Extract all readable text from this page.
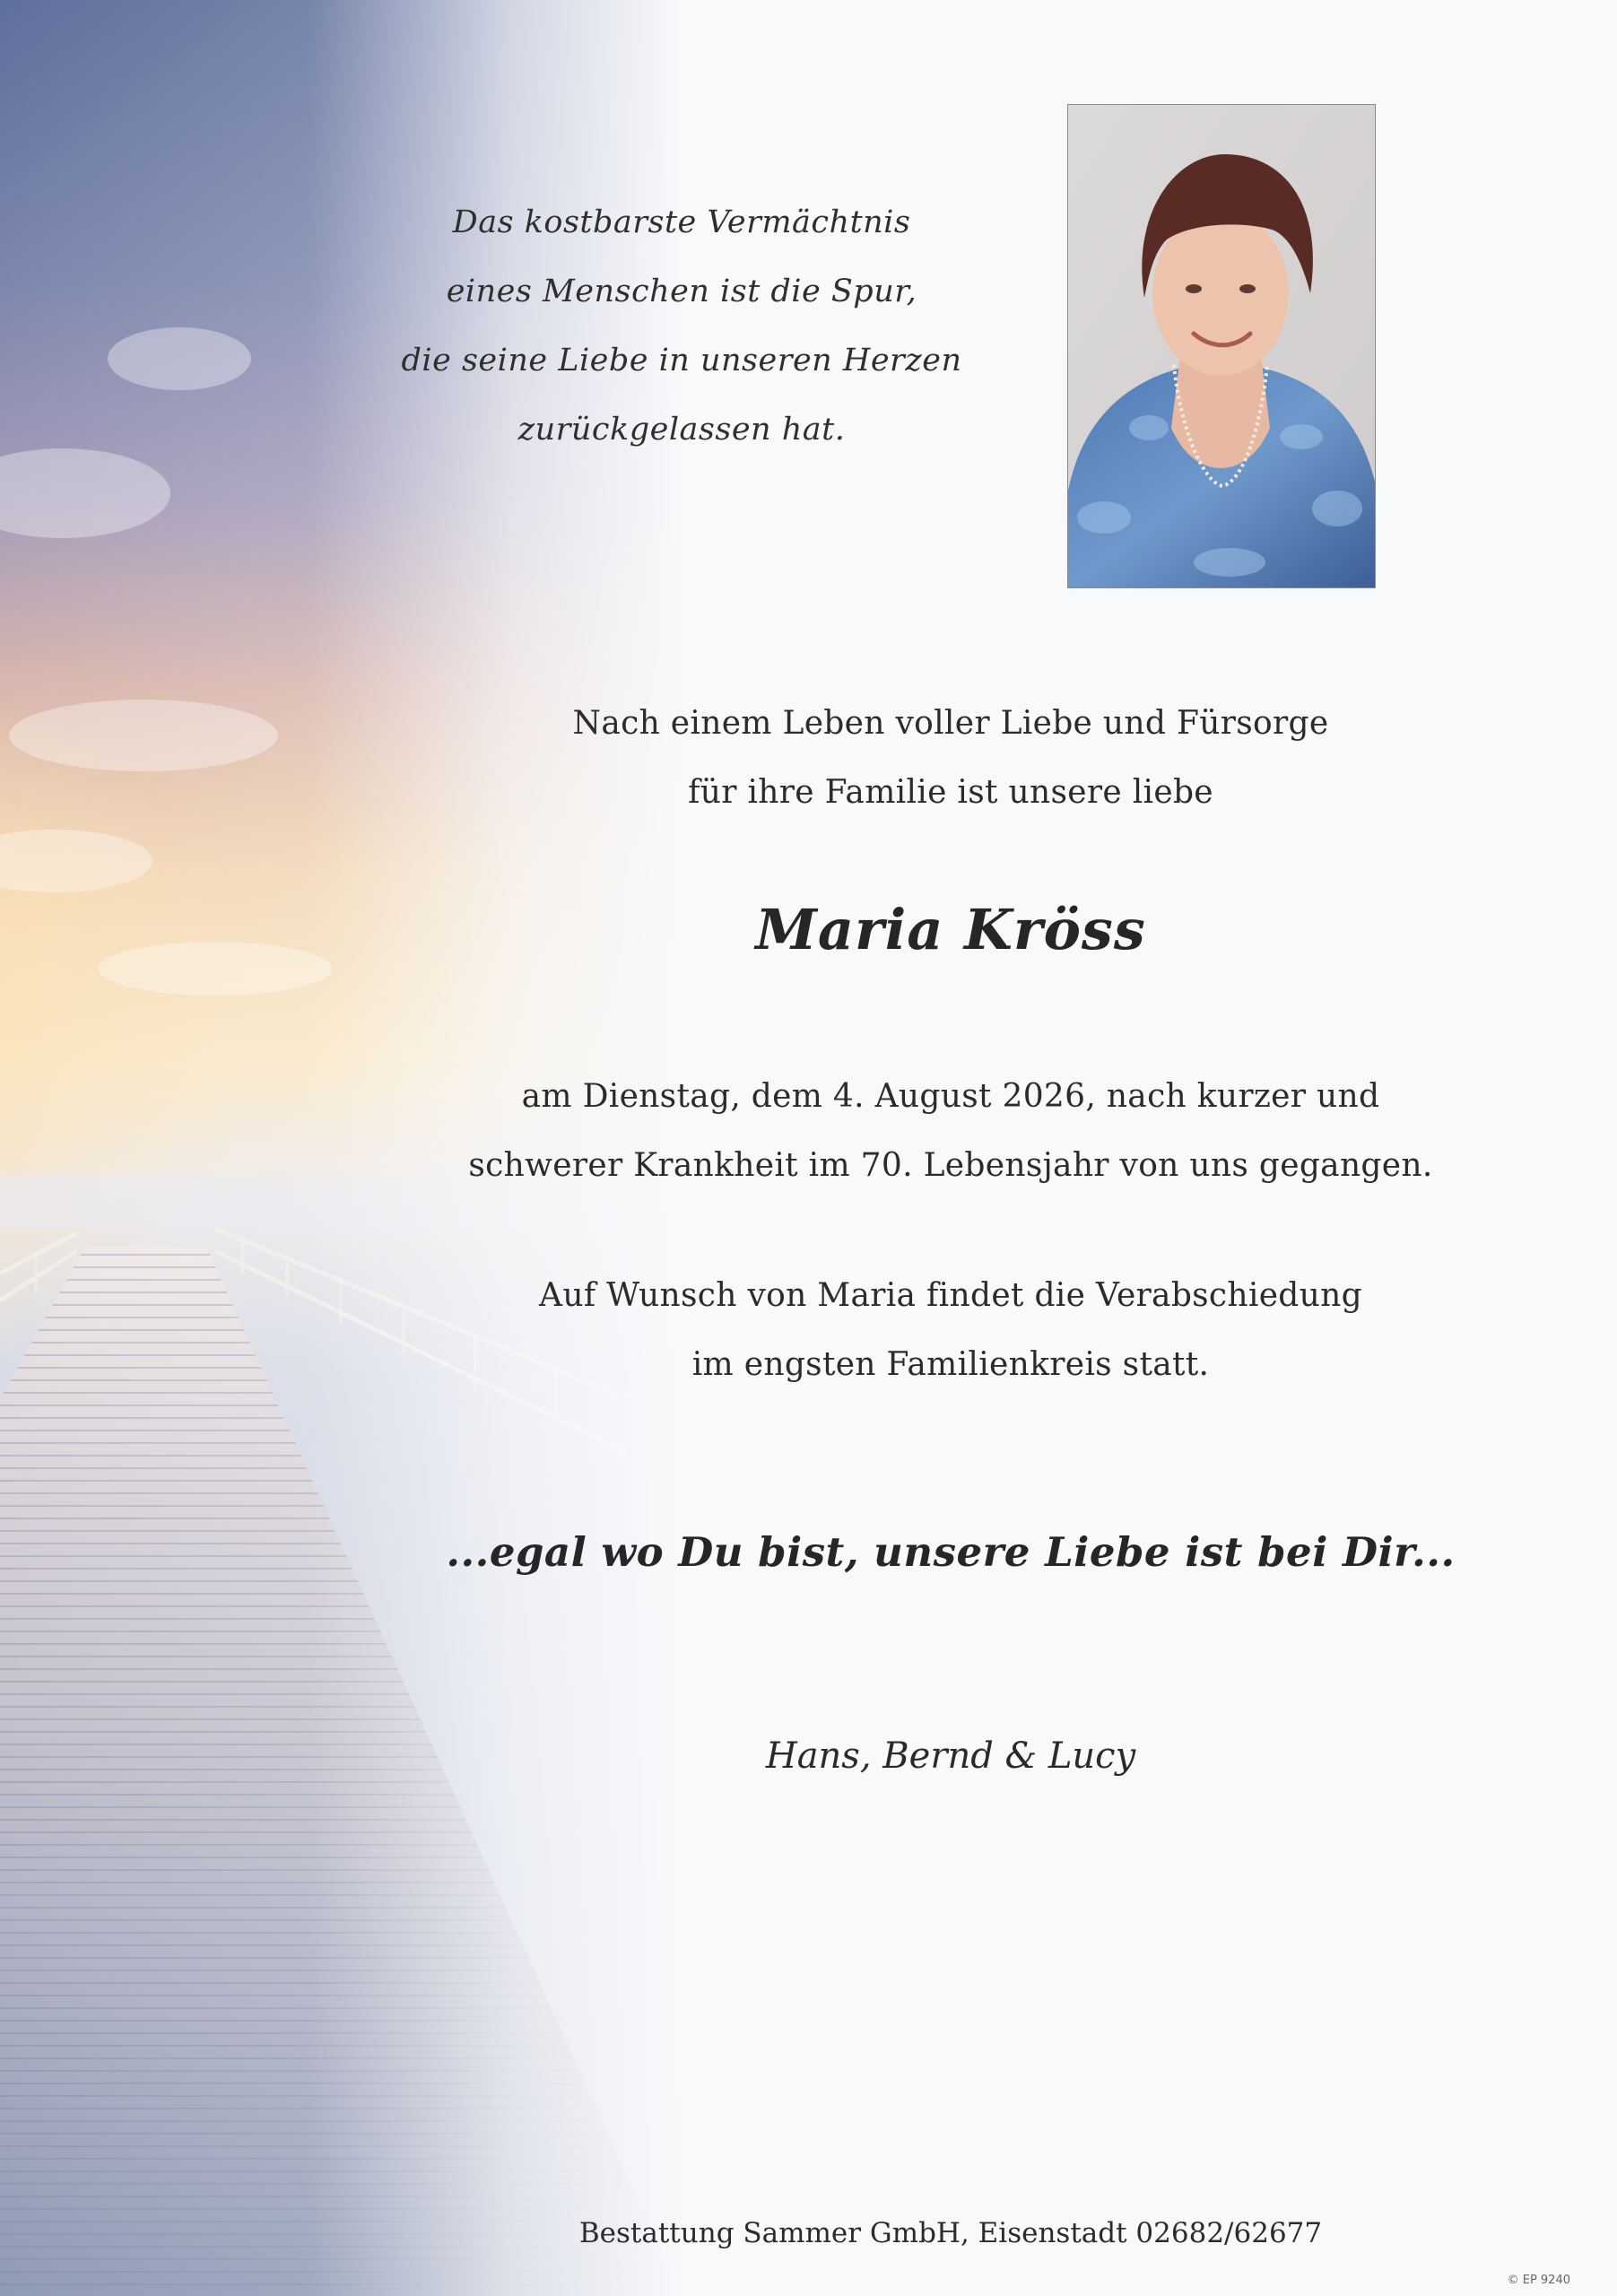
Das kostbarste Vermächtnis
eines Menschen ist die Spur,
die seine Liebe in unseren Herzen
zurückgelassen hat.
Nach einem Leben voller Liebe und Fürsorge
für ihre Familie ist unsere liebe
Maria Kröss
am Dienstag, dem 4. August 2026, nach kurzer und
schwerer Krankheit im 70. Lebensjahr von uns gegangen.
Auf Wunsch von Maria findet die Verabschiedung
im engsten Familienkreis statt.
...egal wo Du bist, unsere Liebe ist bei Dir...
Hans, Bernd & Lucy
Bestattung Sammer GmbH, Eisenstadt 02682/62677
© EP 9240
